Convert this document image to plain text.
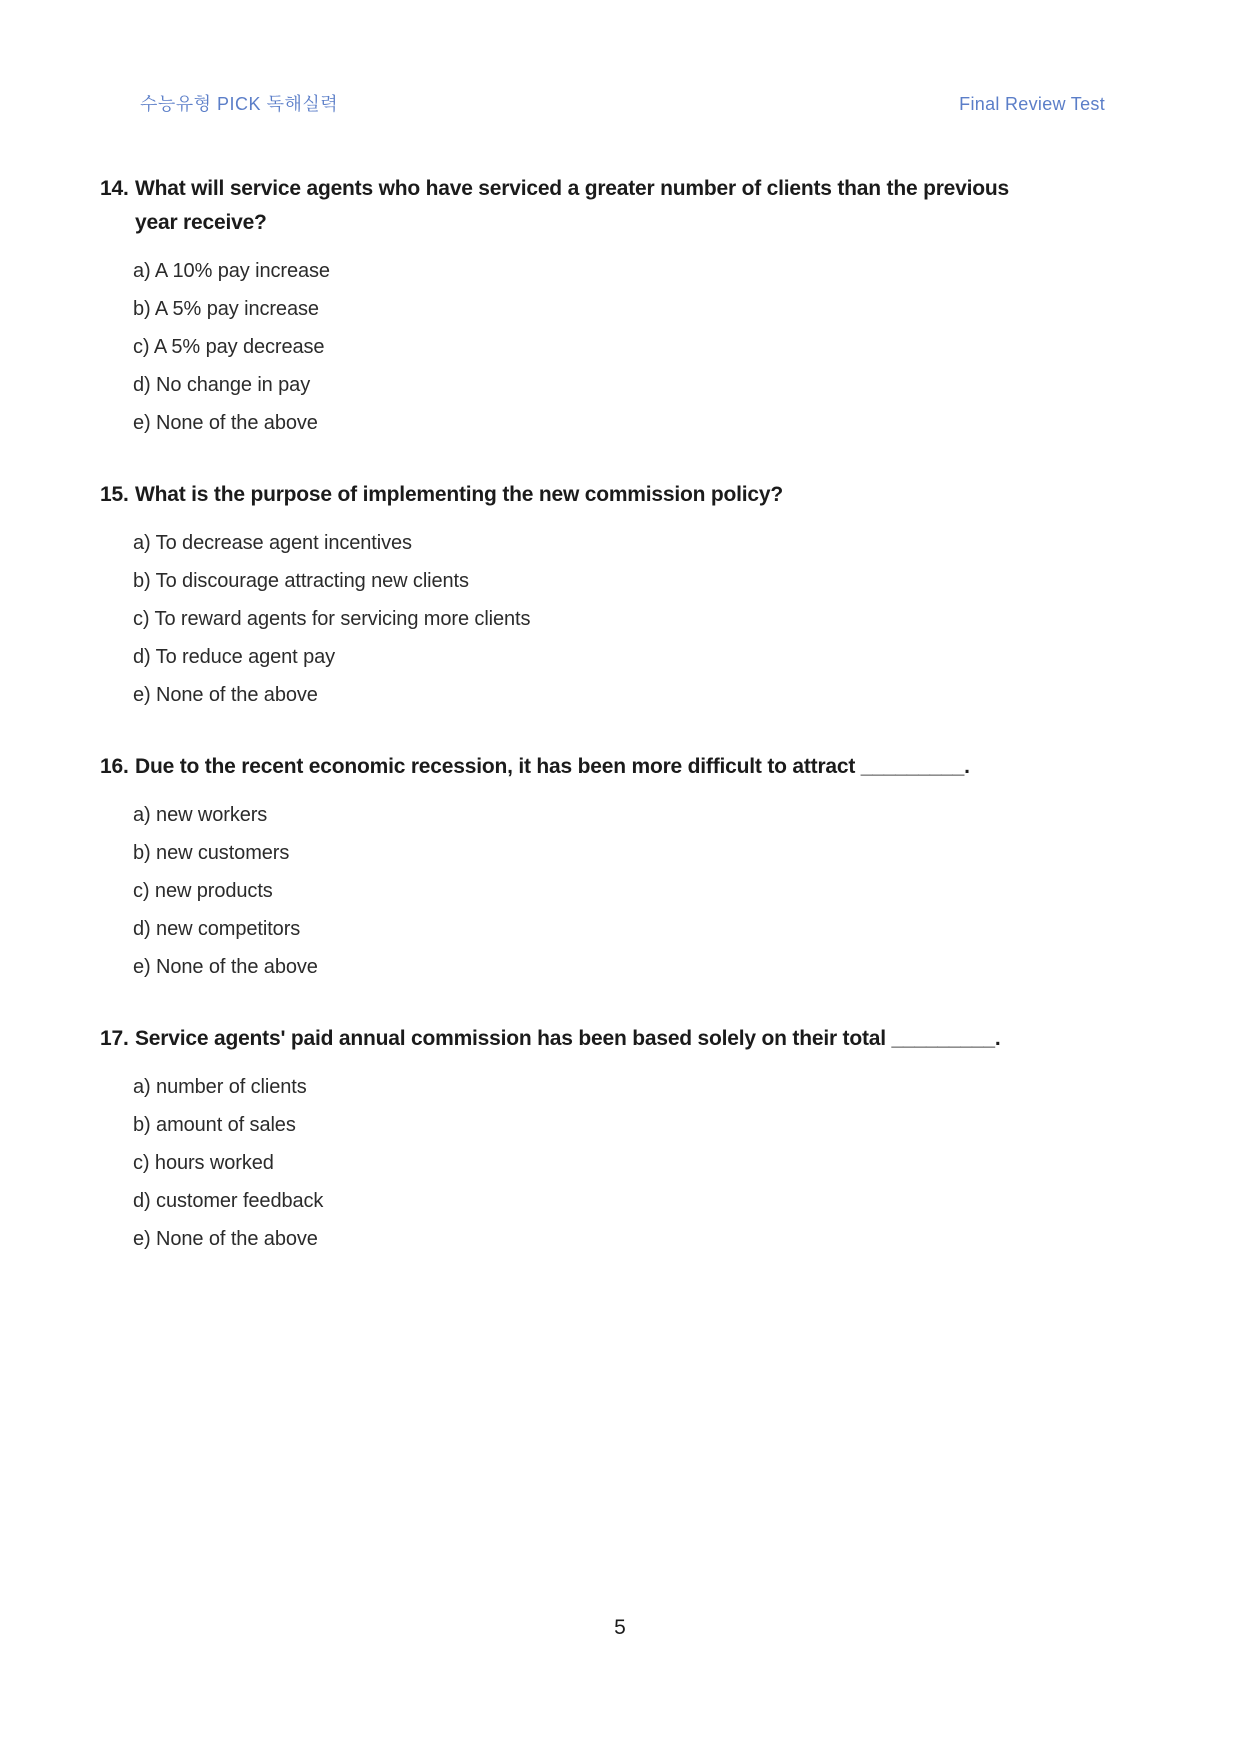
수능유형 PICK 독해실력	Final Review Test
14. What will service agents who have serviced a greater number of clients than the previous
year receive?
a) A 10% pay increase
b) A 5% pay increase
c) A 5% pay decrease
d) No change in pay
e) None of the above
15. What is the purpose of implementing the new commission policy?
a) To decrease agent incentives
b) To discourage attracting new clients
c) To reward agents for servicing more clients
d) To reduce agent pay
e) None of the above
16. Due to the recent economic recession, it has been more difficult to attract _________.
a) new workers
b) new customers
c) new products
d) new competitors
e) None of the above
17. Service agents' paid annual commission has been based solely on their total _________.
a) number of clients
b) amount of sales
c) hours worked
d) customer feedback
e) None of the above
5
